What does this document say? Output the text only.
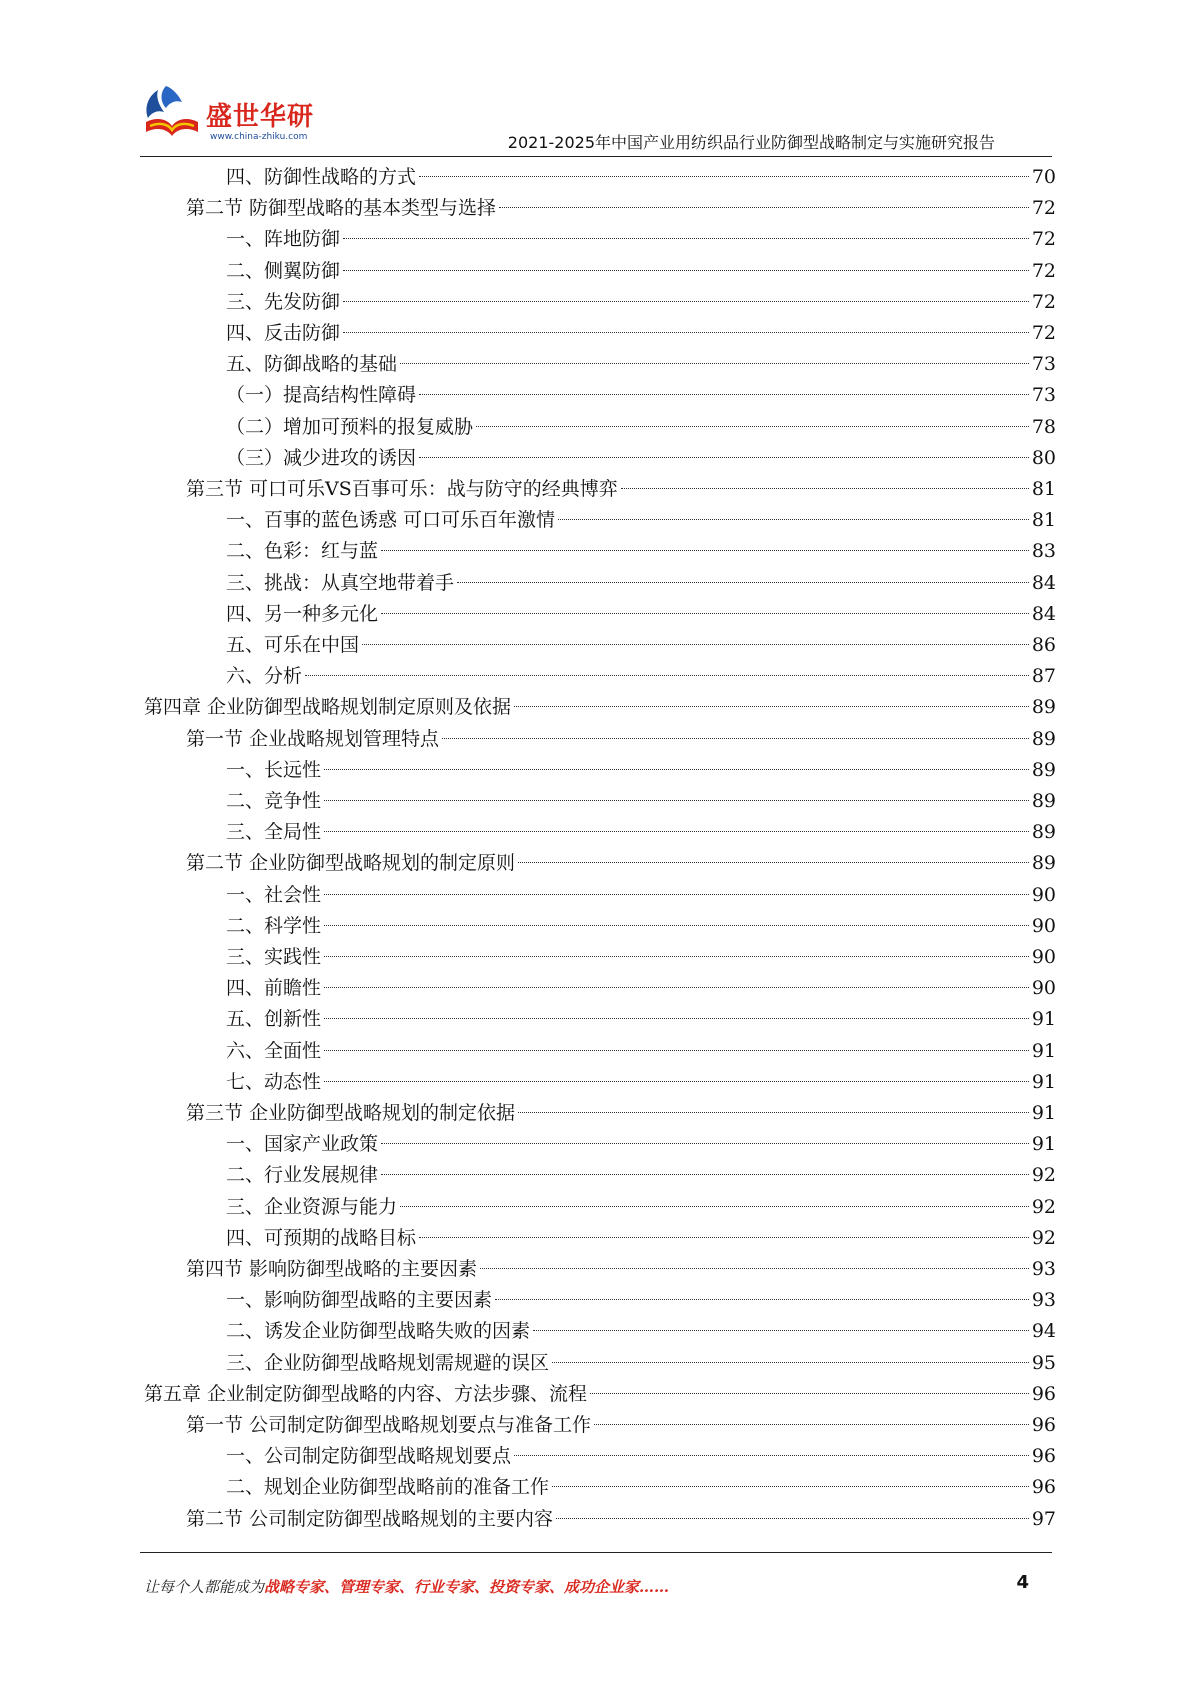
盛世华研
www.china-zhiku.com	2021-2025年中国产业用纺织品行业防御型战略制定与实施研究报告
四、防御性战略的方式	70
第二节 防御型战略的基本类型与选择	72
一、阵地防御	72
二、侧翼防御	72
三、先发防御	72
四、反击防御	72
五、防御战略的基础	73
（一）提高结构性障碍	73
（二）增加可预料的报复威胁	78
（三）减少进攻的诱因	80
第三节 可口可乐VS百事可乐：战与防守的经典博弈	81
一、百事的蓝色诱惑 可口可乐百年激情	81
二、色彩：红与蓝	83
三、挑战：从真空地带着手	84
四、另一种多元化	84
五、可乐在中国	86
六、分析	87
第四章 企业防御型战略规划制定原则及依据	89
第一节 企业战略规划管理特点	89
一、长远性	89
二、竞争性	89
三、全局性	89
第二节 企业防御型战略规划的制定原则	89
一、社会性	90
二、科学性	90
三、实践性	90
四、前瞻性	90
五、创新性	91
六、全面性	91
七、动态性	91
第三节 企业防御型战略规划的制定依据	91
一、国家产业政策	91
二、行业发展规律	92
三、企业资源与能力	92
四、可预期的战略目标	92
第四节 影响防御型战略的主要因素	93
一、影响防御型战略的主要因素	93
二、诱发企业防御型战略失败的因素	94
三、企业防御型战略规划需规避的误区	95
第五章 企业制定防御型战略的内容、方法步骤、流程	96
第一节 公司制定防御型战略规划要点与准备工作	96
一、公司制定防御型战略规划要点	96
二、规划企业防御型战略前的准备工作	96
第二节 公司制定防御型战略规划的主要内容	97
让每个人都能成为战略专家、管理专家、行业专家、投资专家、成功企业家……	4
